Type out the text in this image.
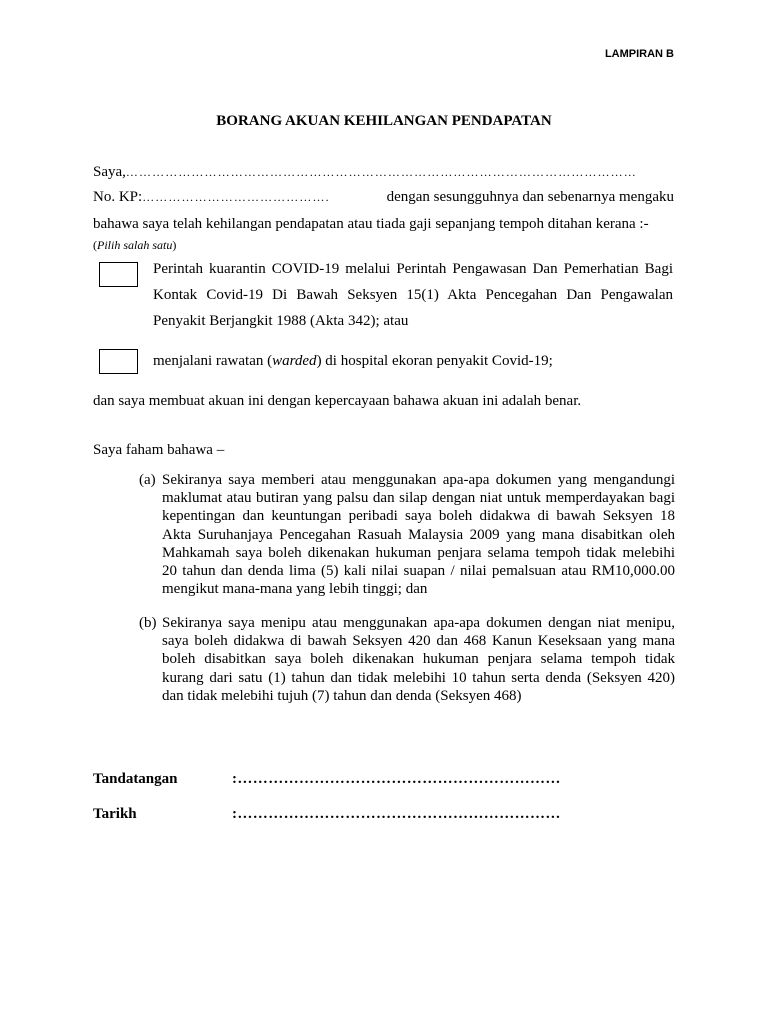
LAMPIRAN B

BORANG AKUAN KEHILANGAN PENDAPATAN

Saya,………………………………………………………………………………………………………

No. KP:…………………………………….	dengan sesungguhnya dan sebenarnya mengaku

bahawa saya telah kehilangan pendapatan atau tiada gaji sepanjang tempoh ditahan kerana :-

(Pilih salah satu)

Perintah kuarantin COVID-19 melalui Perintah Pengawasan Dan Pemerhatian Bagi
Kontak Covid-19 Di Bawah Seksyen 15(1) Akta Pencegahan Dan Pengawalan
Penyakit Berjangkit 1988 (Akta 342); atau

menjalani rawatan (warded) di hospital ekoran penyakit Covid-19;

dan saya membuat akuan ini dengan kepercayaan bahawa akuan ini adalah benar.

Saya faham bahawa –

(a) Sekiranya saya memberi atau menggunakan apa-apa dokumen yang mengandungi
maklumat atau butiran yang palsu dan silap dengan niat untuk memperdayakan bagi
kepentingan dan keuntungan peribadi saya boleh didakwa di bawah Seksyen 18
Akta Suruhanjaya Pencegahan Rasuah Malaysia 2009 yang mana disabitkan oleh
Mahkamah saya boleh dikenakan hukuman penjara selama tempoh tidak melebihi
20 tahun dan denda lima (5) kali nilai suapan / nilai pemalsuan atau RM10,000.00
mengikut mana-mana yang lebih tinggi; dan
(b) Sekiranya saya menipu atau menggunakan apa-apa dokumen dengan niat menipu,
saya boleh didakwa di bawah Seksyen 420 dan 468 Kanun Keseksaan yang mana
boleh disabitkan saya boleh dikenakan hukuman penjara selama tempoh tidak
kurang dari satu (1) tahun dan tidak melebihi 10 tahun serta denda (Seksyen 420)
dan tidak melebihi tujuh (7) tahun dan denda (Seksyen 468)

Tandatangan	:………………………………………………………

Tarikh	:………………………………………………………
